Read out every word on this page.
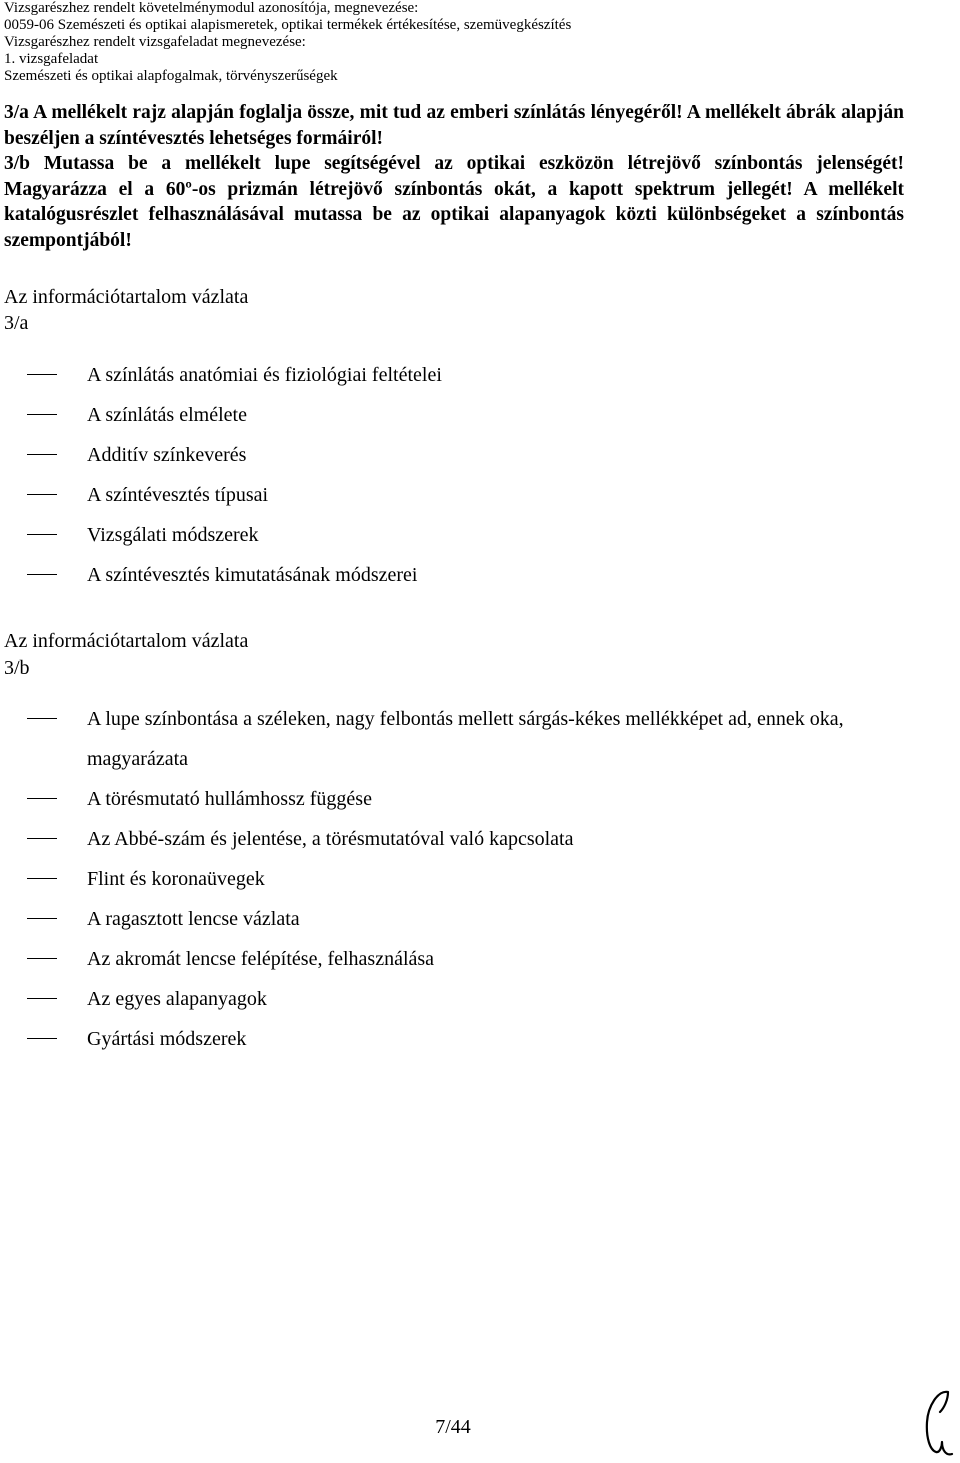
Vizsgarészhez rendelt követelménymodul azonosítója, megnevezése:
0059-06 Szemészeti és optikai alapismeretek, optikai termékek értékesítése, szemüvegkészítés
Vizsgarészhez rendelt vizsgafeladat megnevezése:
1. vizsgafeladat
Szemészeti és optikai alapfogalmak, törvényszerűségek

3/a A mellékelt rajz alapján foglalja össze, mit tud az emberi színlátás lényegéről! A mellékelt ábrák alapján beszéljen a színtévesztés lehetséges formáiról!

3/b Mutassa be a mellékelt lupe segítségével az optikai eszközön létrejövő színbontás jelenségét! Magyarázza el a 60º-os prizmán létrejövő színbontás okát, a kapott spektrum jellegét! A mellékelt katalógusrészlet felhasználásával mutassa be az optikai alapanyagok közti különbségeket a színbontás szempontjából!

Az információtartalom vázlata
3/a
A színlátás anatómiai és fiziológiai feltételei
A színlátás elmélete
Additív színkeverés
A színtévesztés típusai
Vizsgálati módszerek
A színtévesztés kimutatásának módszerei
Az információtartalom vázlata
3/b
A lupe színbontása a széleken, nagy felbontás mellett sárgás-kékes mellékképet ad, ennek oka, magyarázata
A törésmutató hullámhossz függése
Az Abbé-szám és jelentése, a törésmutatóval való kapcsolata
Flint és koronaüvegek
A ragasztott lencse vázlata
Az akromát lencse felépítése, felhasználása
Az egyes alapanyagok
Gyártási módszerek
7/44
